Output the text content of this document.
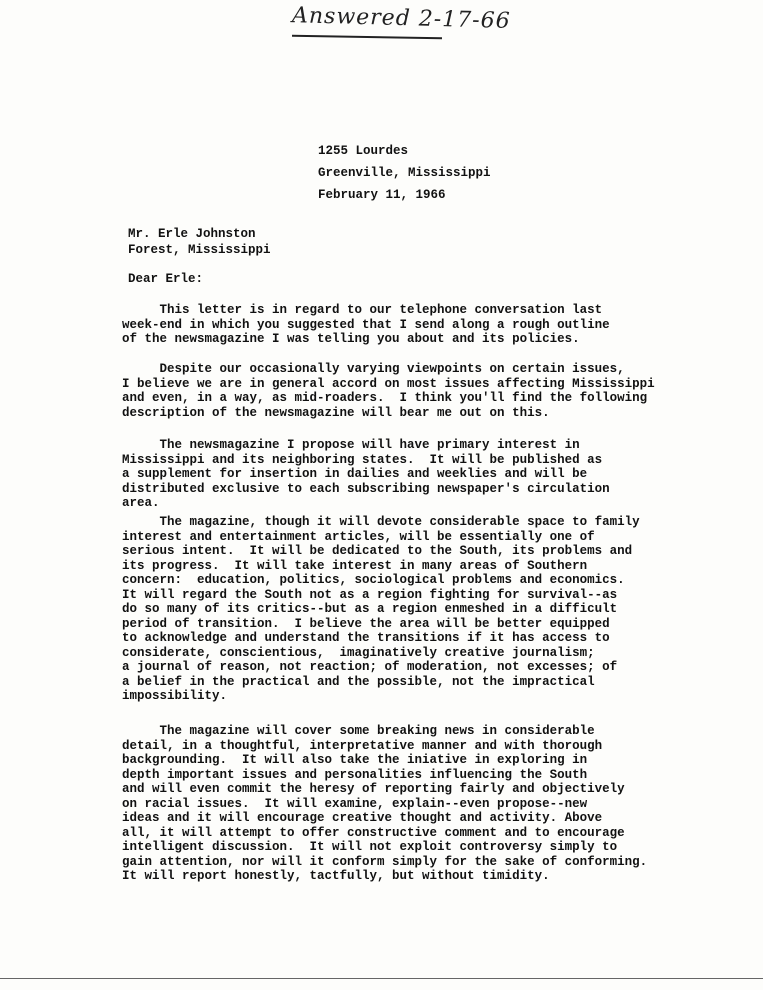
Answered 2-17-66
1255 Lourdes
Greenville, Mississippi
February 11, 1966
Mr. Erle Johnston
Forest, Mississippi
Dear Erle:
This letter is in regard to our telephone conversation last
week-end in which you suggested that I send along a rough outline
of the newsmagazine I was telling you about and its policies.
Despite our occasionally varying viewpoints on certain issues,
I believe we are in general accord on most issues affecting Mississippi
and even, in a way, as mid-roaders.  I think you'll find the following
description of the newsmagazine will bear me out on this.
The newsmagazine I propose will have primary interest in
Mississippi and its neighboring states.  It will be published as
a supplement for insertion in dailies and weeklies and will be
distributed exclusive to each subscribing newspaper's circulation
area.
The magazine, though it will devote considerable space to family
interest and entertainment articles, will be essentially one of
serious intent.  It will be dedicated to the South, its problems and
its progress.  It will take interest in many areas of Southern
concern:  education, politics, sociological problems and economics.
It will regard the South not as a region fighting for survival--as
do so many of its critics--but as a region enmeshed in a difficult
period of transition.  I believe the area will be better equipped
to acknowledge and understand the transitions if it has access to
considerate, conscientious,  imaginatively creative journalism;
a journal of reason, not reaction; of moderation, not excesses; of
a belief in the practical and the possible, not the impractical
impossibility.
The magazine will cover some breaking news in considerable
detail, in a thoughtful, interpretative manner and with thorough
backgrounding.  It will also take the iniative in exploring in
depth important issues and personalities influencing the South
and will even commit the heresy of reporting fairly and objectively
on racial issues.  It will examine, explain--even propose--new
ideas and it will encourage creative thought and activity. Above
all, it will attempt to offer constructive comment and to encourage
intelligent discussion.  It will not exploit controversy simply to
gain attention, nor will it conform simply for the sake of conforming.
It will report honestly, tactfully, but without timidity.
